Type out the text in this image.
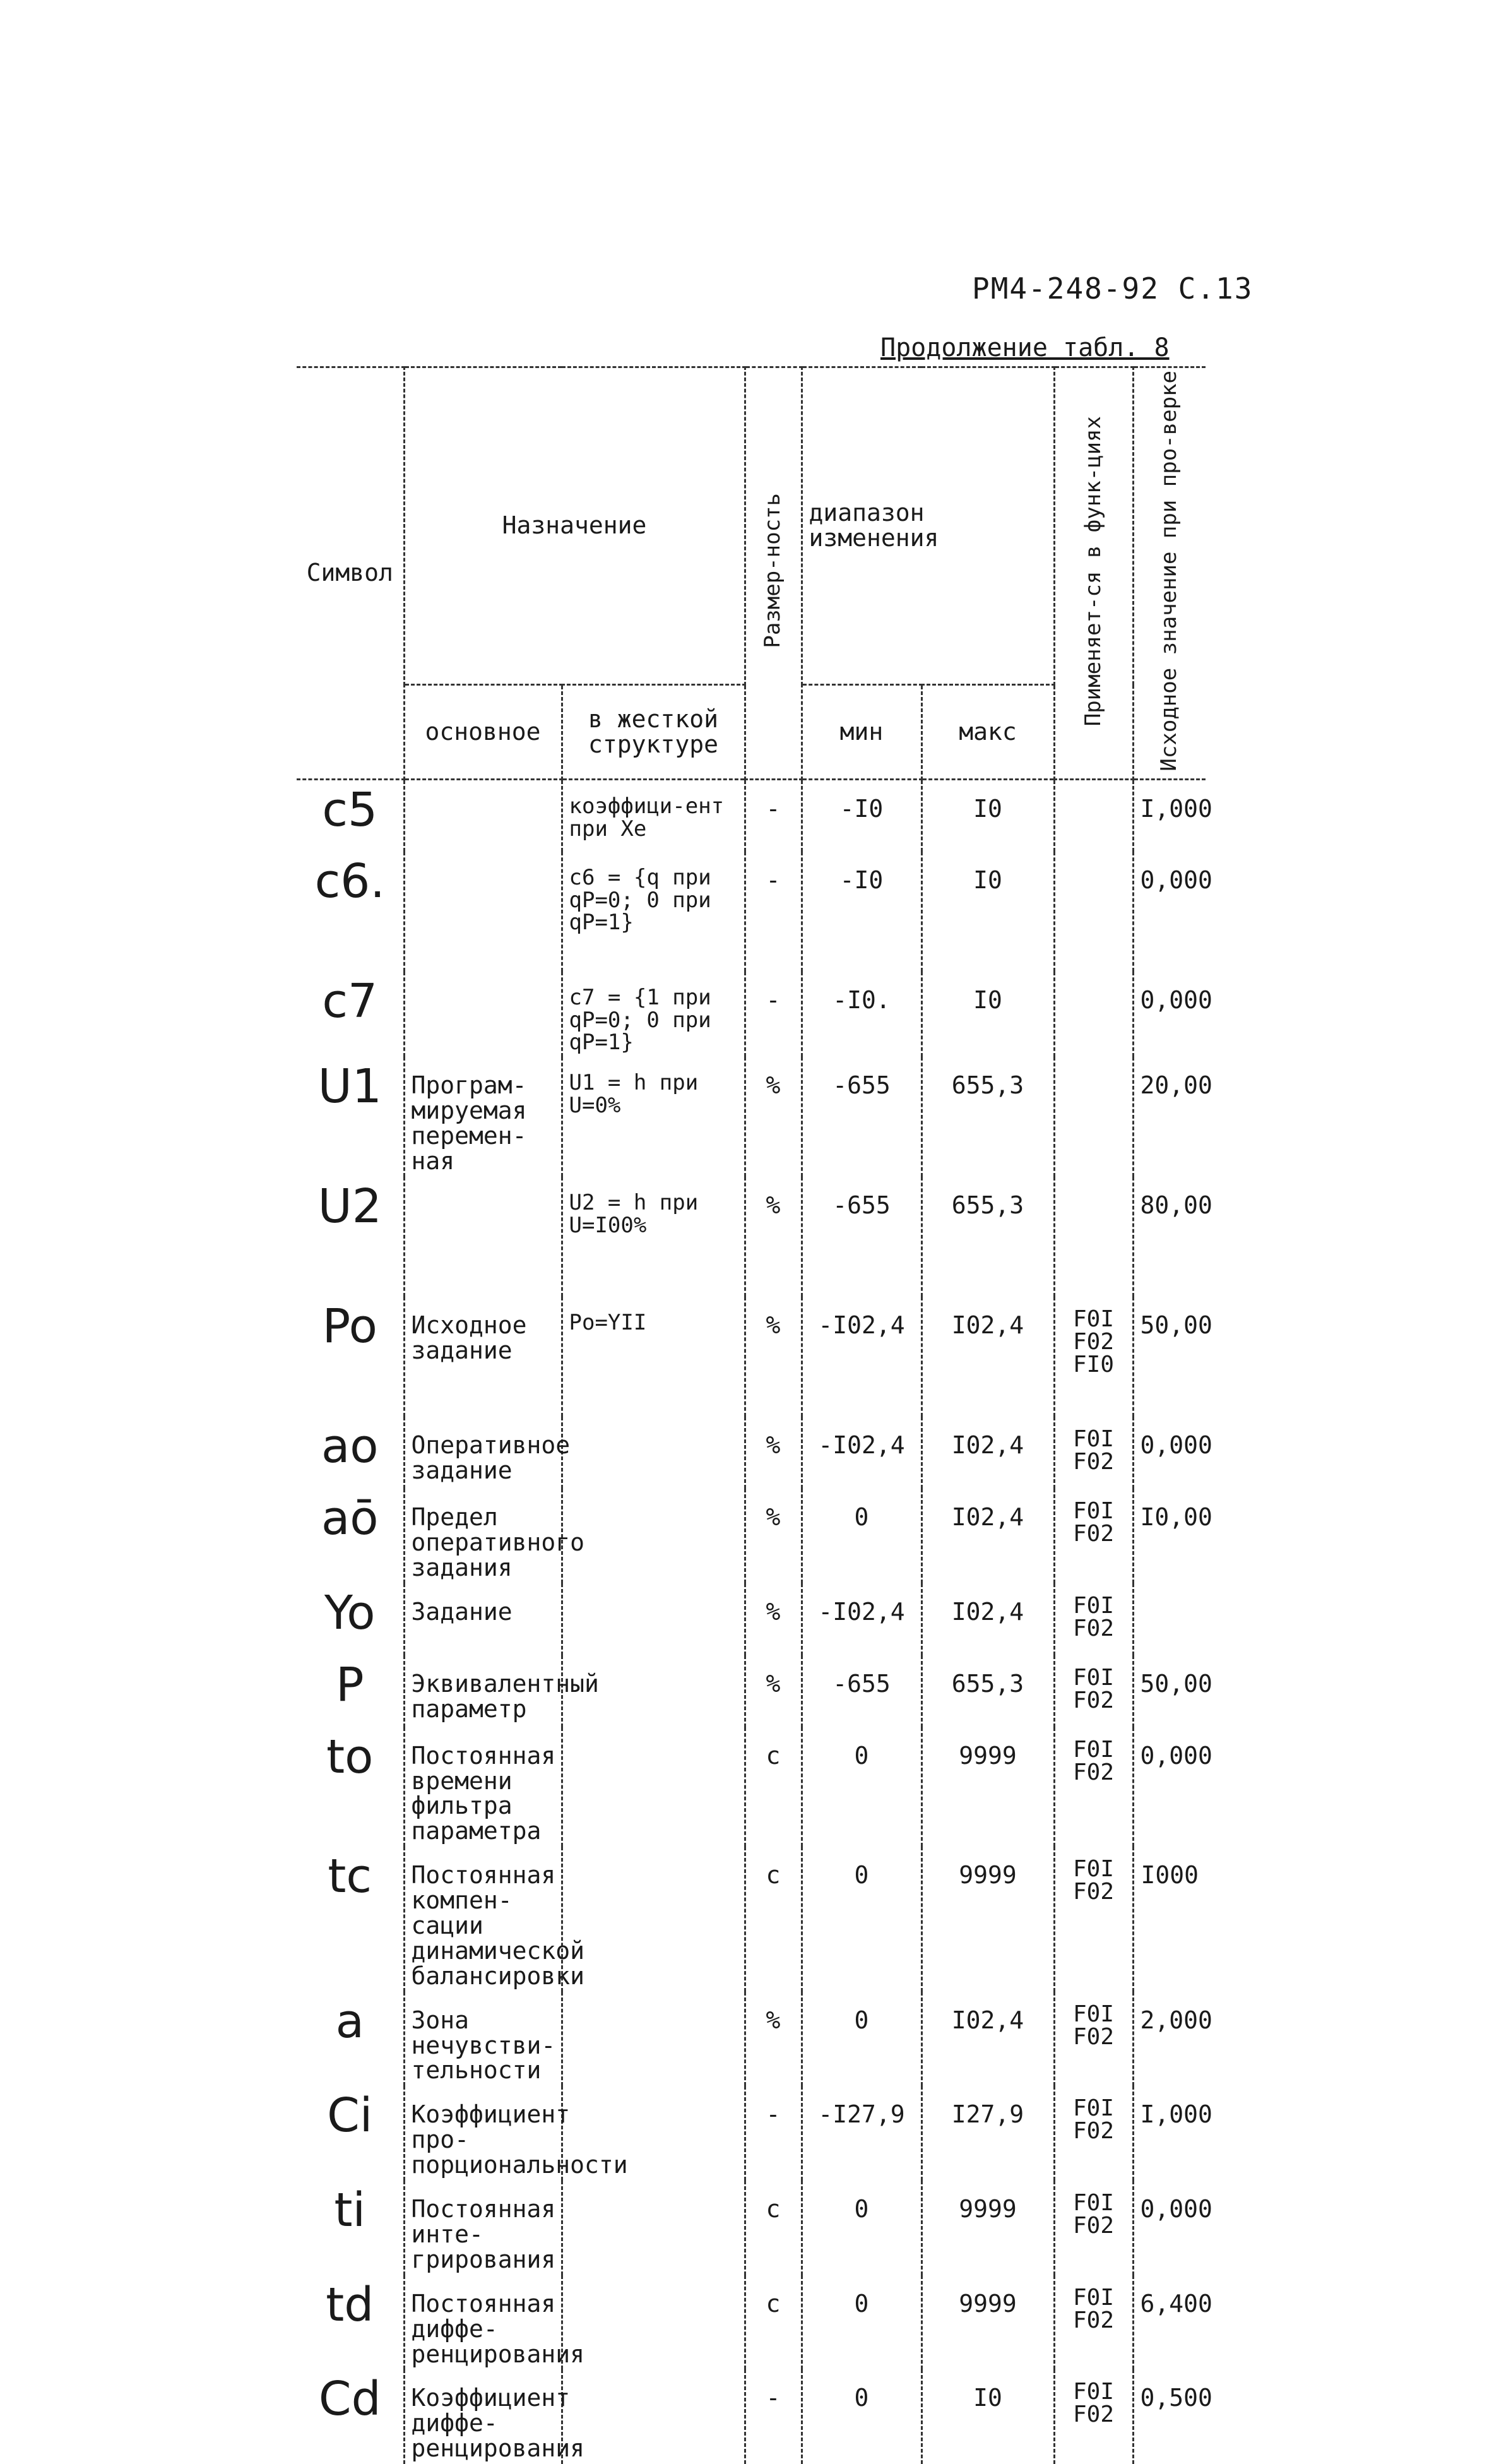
РМ4-248-92 С.13
Продолжение табл. 8
Символ	Назначение		Размер-ность	диапазон изменения		Применяет-ся в функ-циях	Исходное значение при про-верке
	основное	в жесткой структуре		мин	макс		
c5		коэффици-ент при Xe	-	-I0	I0		I,000
c6.		c6 = {q при qP=0; 0 при qP=1}	-	-I0	I0		0,000
c7		c7 = {1 при qP=0; 0 при qP=1}	-	-I0.	I0		0,000
U1	Програм-мируемая перемен-ная	U1 = h при U=0%	%	-655	655,3		20,00
U2		U2 = h при U=I00%	%	-655	655,3		80,00
Po	Исходное задание	Po=YII	%	-I02,4	I02,4	F0I F02 FI0	50,00
ao	Оперативное задание		%	-I02,4	I02,4	F0I F02	0,000
aō	Предел оперативного задания		%	0	I02,4	F0I F02	I0,00
Yo	Задание		%	-I02,4	I02,4	F0I F02	
P	Эквивалентный параметр		%	-655	655,3	F0I F02	50,00
to	Постоянная времени фильтра параметра		c	0	9999	F0I F02	0,000
tc	Постоянная компен-сации динамической балансировки		c	0	9999	F0I F02	I000
a	Зона нечувстви-тельности		%	0	I02,4	F0I F02	2,000
Ci	Коэффициент про-порциональности		-	-I27,9	I27,9	F0I F02	I,000
ti	Постоянная инте-грирования		c	0	9999	F0I F02	0,000
td	Постоянная диффе-ренцирования		c	0	9999	F0I F02	6,400
Cd	Коэффициент диффе-ренцирования		-	0	I0	F0I F02	0,500
